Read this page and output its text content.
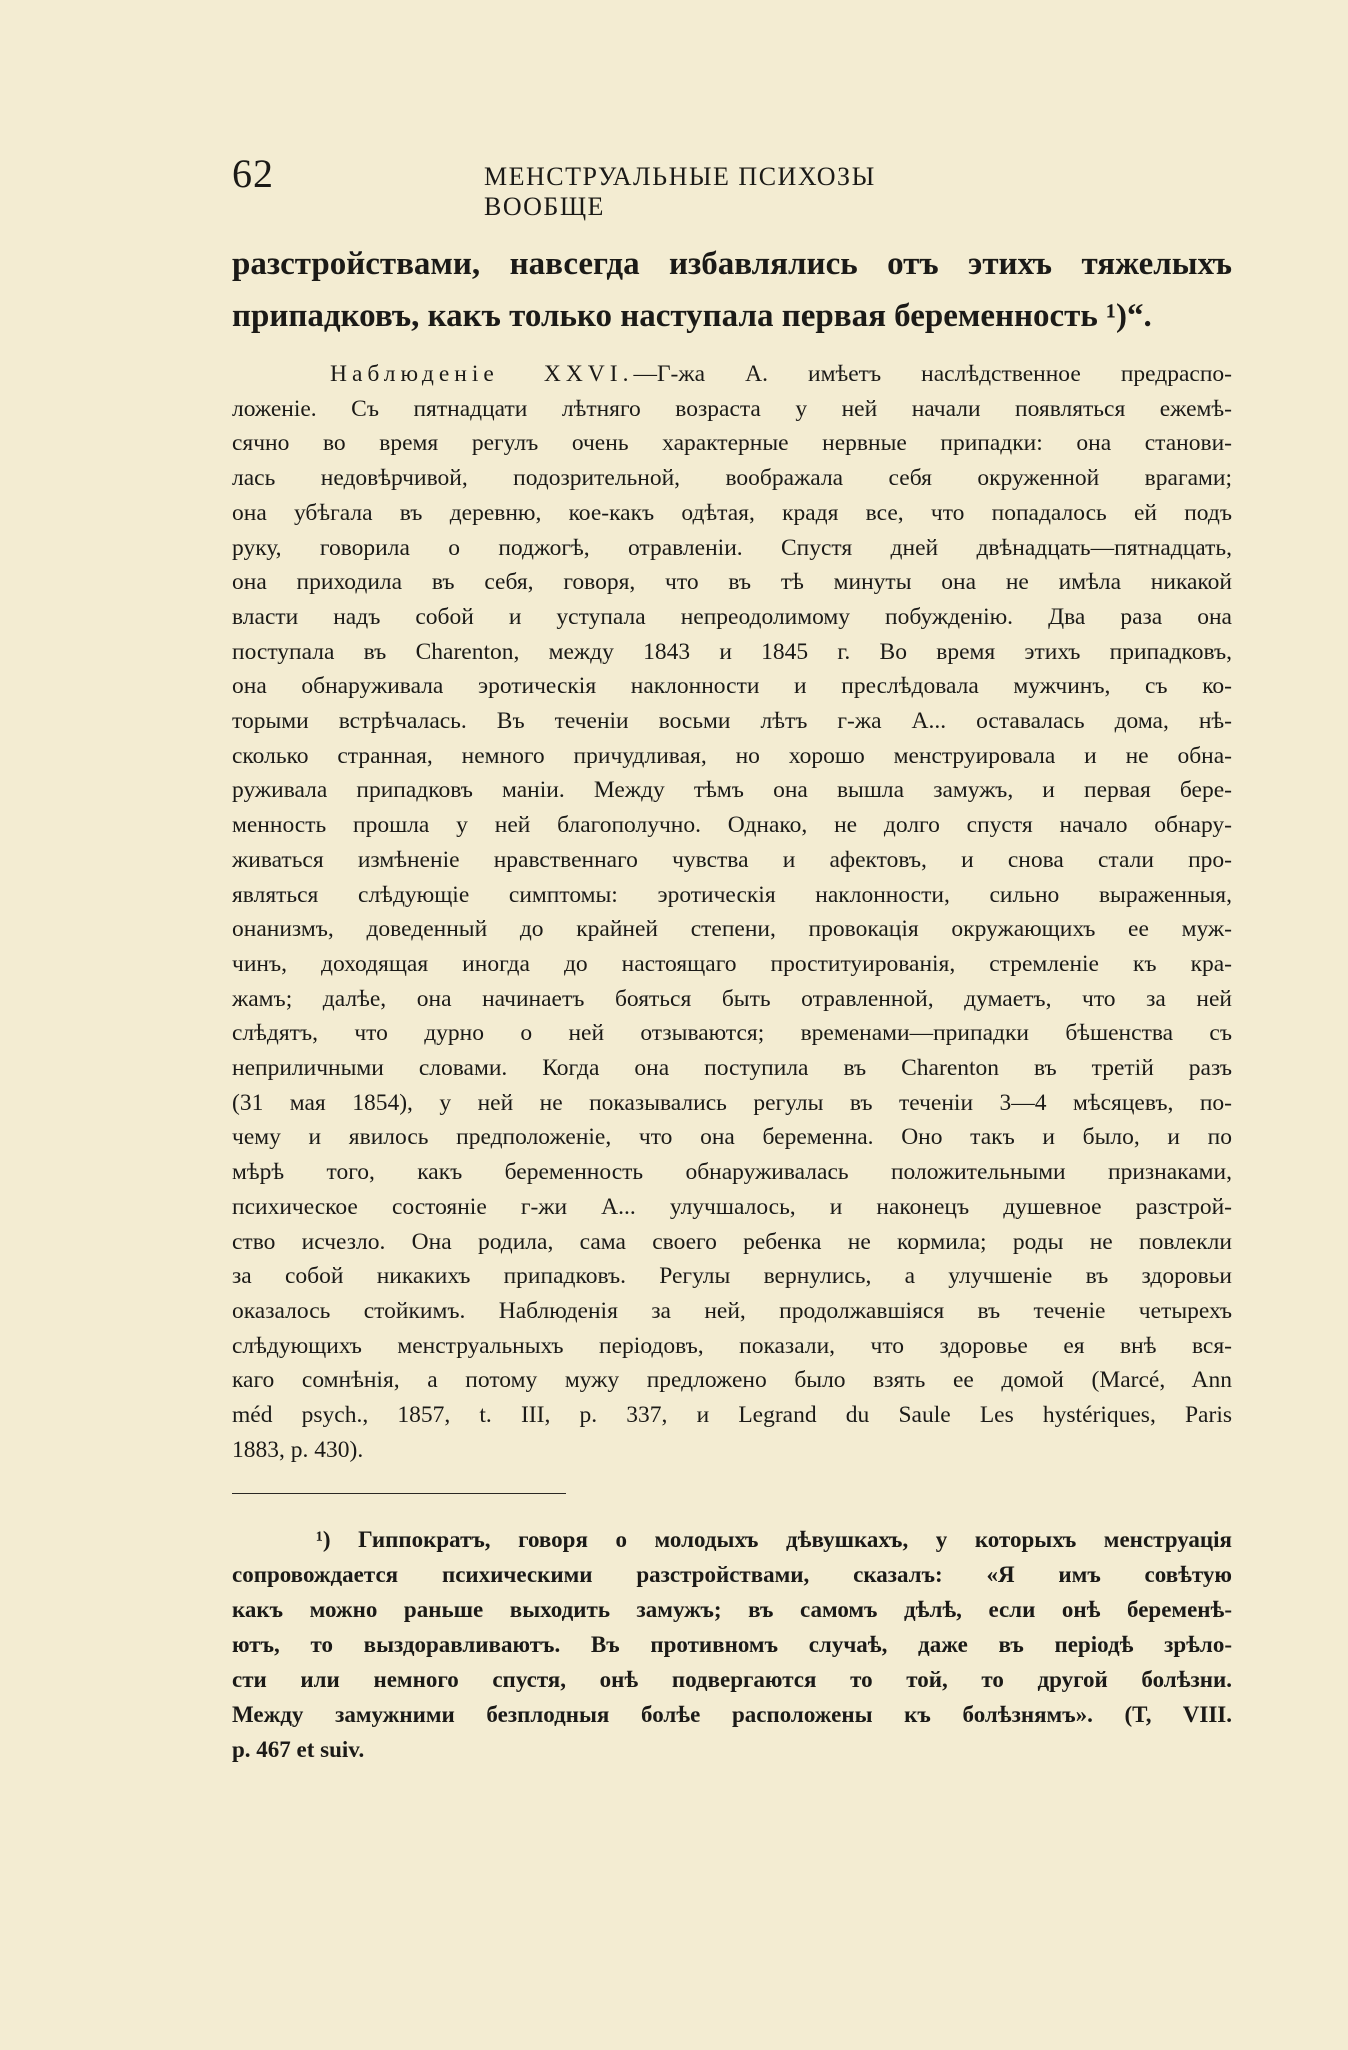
62	МЕНСТРУАЛЬНЫЕ ПСИХОЗЫ ВООБЩЕ
разстройствами, навсегда избавлялись отъ этихъ тяжелыхъ
припадковъ, какъ только наступала первая беременность ¹)“.
Наблюденіе XXVI.—Г-жа А. имѣетъ наслѣдственное предраспо-
ложеніе. Съ пятнадцати лѣтняго возраста у ней начали появляться ежемѣ-
сячно во время регулъ очень характерные нервные припадки: она станови-
лась недовѣрчивой, подозрительной, воображала себя окруженной врагами;
она убѣгала въ деревню, кое-какъ одѣтая, крадя все, что попадалось ей подъ
руку, говорила о поджогѣ, отравленіи. Спустя дней двѣнадцать—пятнадцать,
она приходила въ себя, говоря, что въ тѣ минуты она не имѣла никакой
власти надъ собой и уступала непреодолимому побужденію. Два раза она
поступала въ Charenton, между 1843 и 1845 г. Во время этихъ припадковъ,
она обнаруживала эротическія наклонности и преслѣдовала мужчинъ, съ ко-
торыми встрѣчалась. Въ теченіи восьми лѣтъ г-жа А... оставалась дома, нѣ-
сколько странная, немного причудливая, но хорошо менструировала и не обна-
руживала припадковъ маніи. Между тѣмъ она вышла замужъ, и первая бере-
менность прошла у ней благополучно. Однако, не долго спустя начало обнару-
живаться измѣненіе нравственнаго чувства и афектовъ, и снова стали про-
являться слѣдующіе симптомы: эротическія наклонности, сильно выраженныя,
онанизмъ, доведенный до крайней степени, провокація окружающихъ ее муж-
чинъ, доходящая иногда до настоящаго проституированія, стремленіе къ кра-
жамъ; далѣе, она начинаетъ бояться быть отравленной, думаетъ, что за ней
слѣдятъ, что дурно о ней отзываются; временами—припадки бѣшенства съ
неприличными словами. Когда она поступила въ Charenton въ третій разъ
(31 мая 1854), у ней не показывались регулы въ теченіи 3—4 мѣсяцевъ, по-
чему и явилось предположеніе, что она беременна. Оно такъ и было, и по
мѣрѣ того, какъ беременность обнаруживалась положительными признаками,
психическое состояніе г-жи А... улучшалось, и наконецъ душевное разстрой-
ство исчезло. Она родила, сама своего ребенка не кормила; роды не повлекли
за собой никакихъ припадковъ. Регулы вернулись, а улучшеніе въ здоровьи
оказалось стойкимъ. Наблюденія за ней, продолжавшіяся въ теченіе четырехъ
слѣдующихъ менструальныхъ періодовъ, показали, что здоровье ея внѣ вся-
каго сомнѣнія, а потому мужу предложено было взять ее домой (Marcé, Ann
méd psych., 1857, t. III, p. 337, и Legrand du Saule Les hystériques, Paris
1883, p. 430).
¹) Гиппократъ, говоря о молодыхъ дѣвушкахъ, у которыхъ менструація
сопровождается психическими разстройствами, сказалъ: «Я имъ совѣтую
какъ можно раньше выходить замужъ; въ самомъ дѣлѣ, если онѣ беременѣ-
ютъ, то выздоравливаютъ. Въ противномъ случаѣ, даже въ періодѣ зрѣло-
сти или немного спустя, онѣ подвергаются то той, то другой болѣзни.
Между замужними безплодныя болѣе расположены къ болѣзнямъ». (T, VIII.
p. 467 et suiv.
